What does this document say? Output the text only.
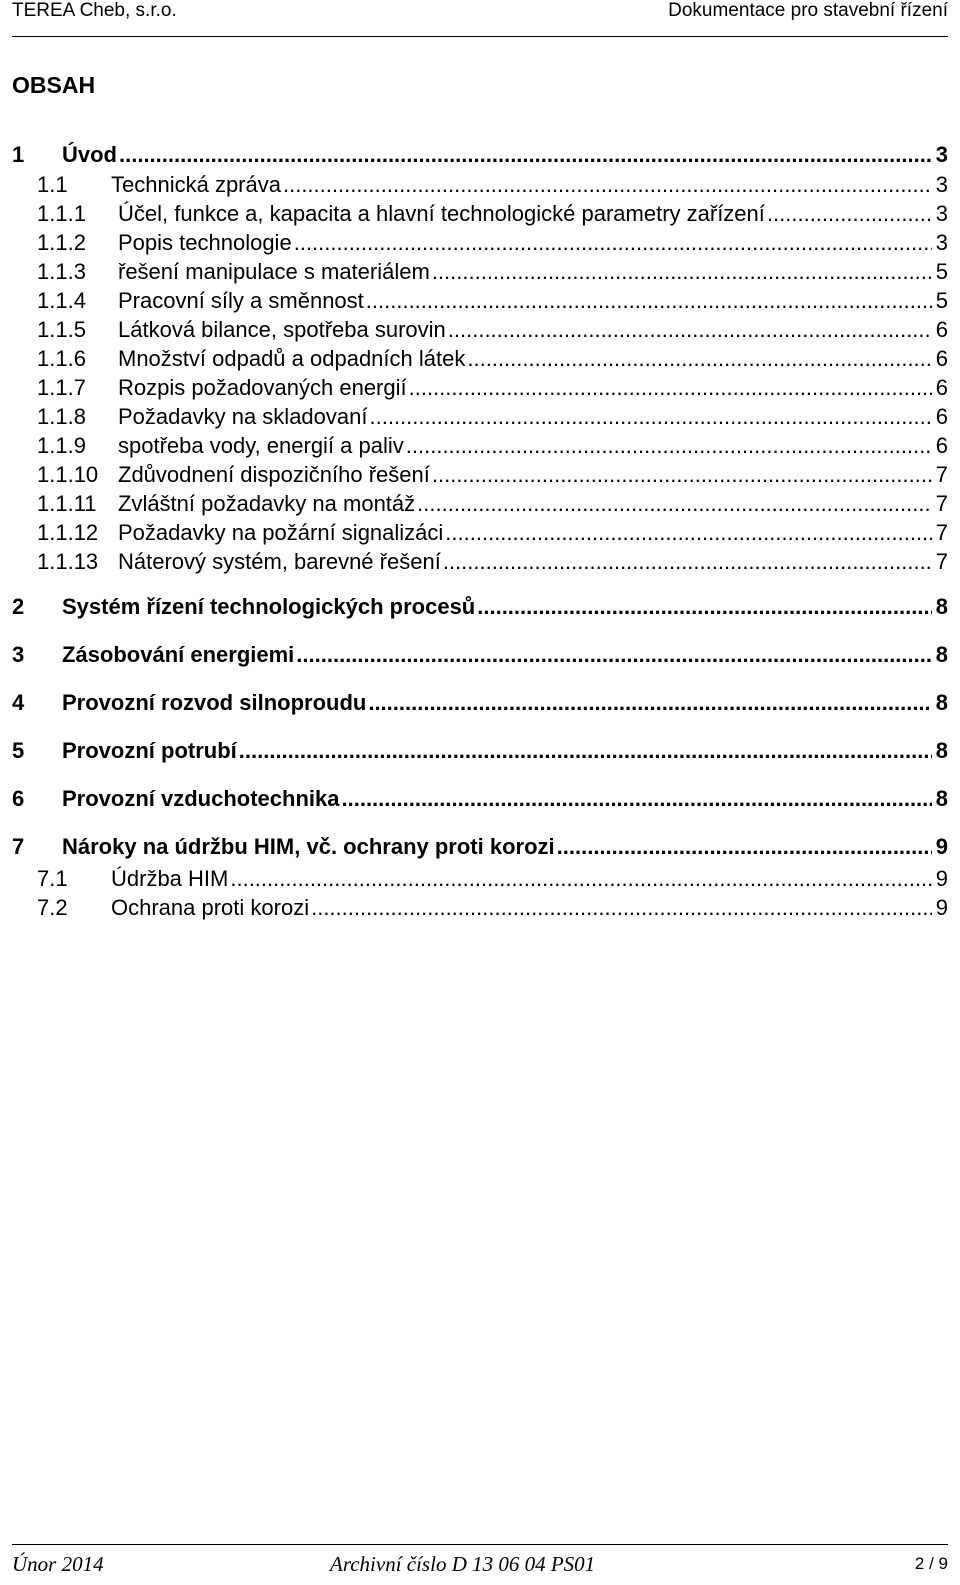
TEREA Cheb, s.r.o.	Dokumentace pro stavební řízení
OBSAH
1	Úvod .....	3
1.1	Technická zpráva .....	3
1.1.1	Účel, funkce a, kapacita a hlavní technologické parametry zařízení .....	3
1.1.2	Popis technologie .....	3
1.1.3	řešení manipulace s materiálem .....	5
1.1.4	Pracovní síly a směnnost .....	5
1.1.5	Látková bilance, spotřeba surovin .....	6
1.1.6	Množství odpadů a odpadních látek .....	6
1.1.7	Rozpis požadovaných energií .....	6
1.1.8	Požadavky na skladovaní .....	6
1.1.9	spotřeba vody, energií a paliv .....	6
1.1.10 Zdůvodnení dispozičního řešení .....	7
1.1.11 Zvláštní požadavky na montáž .....	7
1.1.12 Požadavky na požární signalizáci .....	7
1.1.13 Náterový systém, barevné řešení .....	7
2	Systém řízení technologických procesů .....	8
3	Zásobování energiemi .....	8
4	Provozní rozvod silnoproudu .....	8
5	Provozní potrubí .....	8
6	Provozní vzduchotechnika .....	8
7	Nároky na údržbu HIM, vč. ochrany proti korozi .....	9
7.1	Údržba HIM .....	9
7.2	Ochrana proti korozi .....	9
Únor 2014	Archivní číslo D 13 06 04 PS01	2 / 9
